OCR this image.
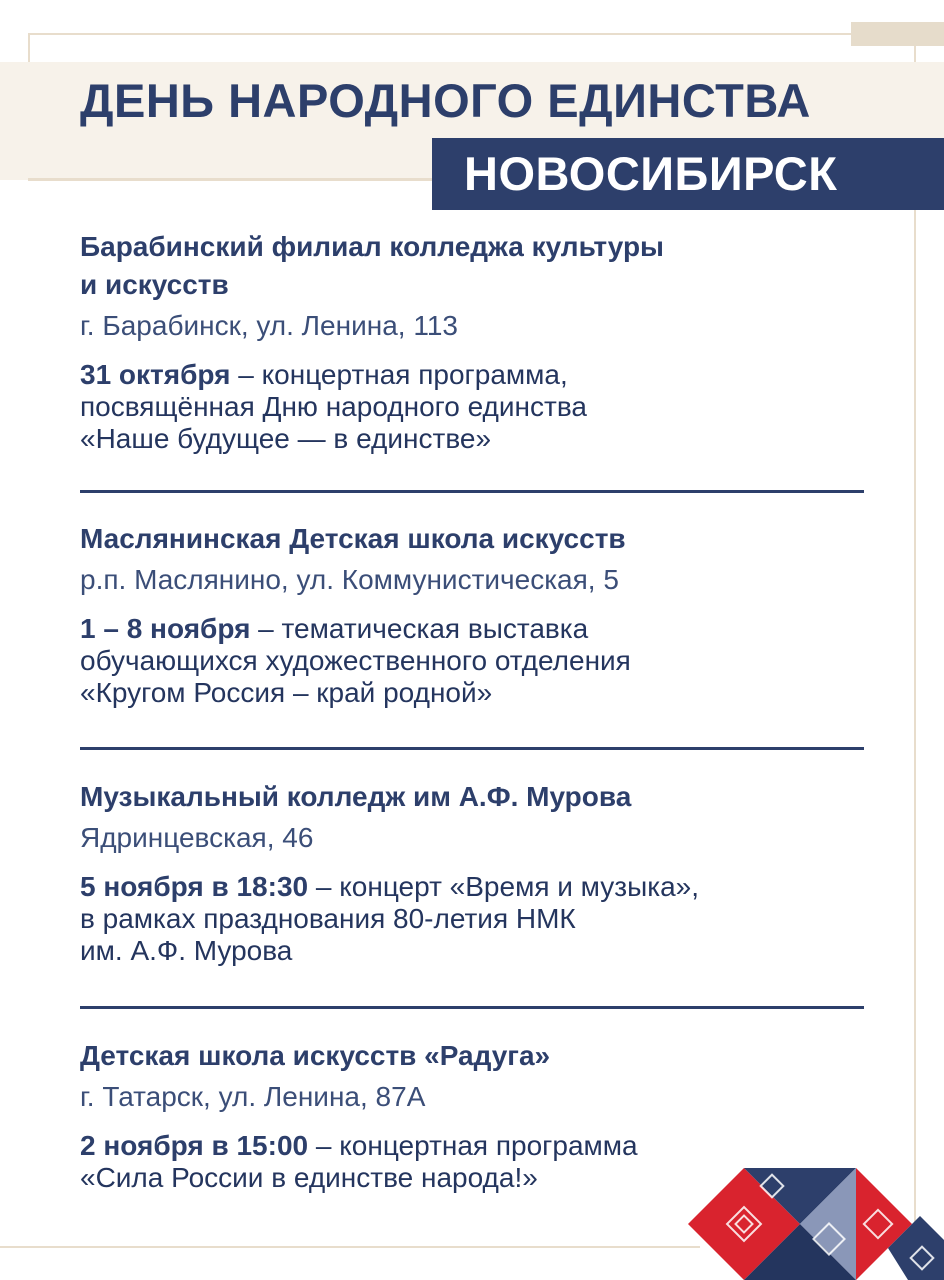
ДЕНЬ НАРОДНОГО ЕДИНСТВА
НОВОСИБИРСК
Барабинский филиал колледжа культуры
и искусств
г. Барабинск, ул. Ленина, 113
31 октября – концертная программа,
посвящённая Дню народного единства
«Наше будущее — в единстве»
Маслянинская Детская школа искусств
р.п. Маслянино, ул. Коммунистическая, 5
1 – 8 ноября – тематическая выставка
обучающихся художественного отделения
«Кругом Россия – край родной»
Музыкальный колледж им А.Ф. Мурова
Ядринцевская, 46
5 ноября в 18:30 – концерт «Время и музыка»,
в рамках празднования 80-летия НМК
им. А.Ф. Мурова
Детская школа искусств «Радуга»
г. Татарск, ул. Ленина, 87А
2 ноября в 15:00 – концертная программа
«Сила России в единстве народа!»
